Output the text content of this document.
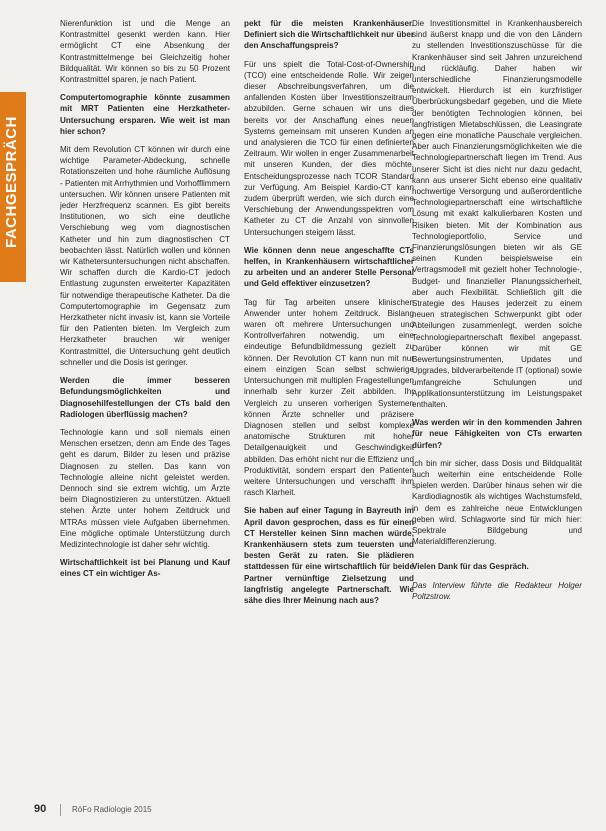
FACHGESPRÄCH

Nierenfunktion ist und die Menge an Kontrastmittel gesenkt werden kann. Hier ermöglicht CT eine Absenkung der Kontrastmittelmenge bei Gleichzeitig hoher Bildqualität. Wir können so bis zu 50 Prozent Kontrastmittel sparen, je nach Patient.

Computertomographie könnte zusammen mit MRT Patienten eine Herzkatheter-Untersuchung ersparen. Wie weit ist man hier schon?

Mit dem Revolution CT können wir durch eine wichtige Parameter-Abdeckung, schnelle Rotationszeiten und hohe räumliche Auflösung - Patienten mit Arrhythmien und Vorhofflimmern untersuchen. Wir können unsere Patienten mit jeder Herzfrequenz scannen. Es gibt bereits Institutionen, wo sich eine deutliche Verschiebung weg vom diagnostischen Katheter und hin zum diagnostischen CT beobachten lässt. Natürlich wollen und können wir Kathetersuntersuchungen nicht abschaffen. Wir schaffen durch die Kardio-CT jedoch Entlastung zugunsten erweiterter Kapazitäten für notwendige therapeutische Katheter. Da die Computertomographie im Gegensatz zum Herzkatheter nicht invasiv ist, kann sie Vorteile für den Patienten bieten. Im Vergleich zum Herzkatheter brauchen wir weniger Kontrastmittel, die Untersuchung geht deutlich schneller und die Dosis ist geringer.

Werden die immer besseren Befundungsmöglichkeiten und Diagnosehilfestellungen der CTs bald den Radiologen überflüssig machen?

Technologie kann und soll niemals einen Menschen ersetzen, denn am Ende des Tages geht es darum, Bilder zu lesen und präzise Diagnosen zu stellen. Das kann von Technologie alleine nicht geleistet werden. Dennoch sind sie extrem wichtig, um Ärzte beim Diagnostizieren zu unterstützen. Aktuell stehen Ärzte unter hohem Zeitdruck und MTRAs müssen viele Aufgaben übernehmen. Eine mögliche optimale Unterstützung durch Medizintechnologie ist daher sehr wichtig.

Wirtschaftlichkeit ist bei Planung und Kauf eines CT ein wichtiger As-

pekt für die meisten Krankenhäuser. Definiert sich die Wirtschaftlichkeit nur über den Anschaffungspreis?

Für uns spielt die Total-Cost-of-Ownership (TCO) eine entscheidende Rolle. Wir zeigen dieser Abschreibungsverfahren, um die anfallenden Kosten über Investitionszeitraum abzubilden. Gerne schauen wir uns dies bereits vor der Anschaffung eines neuen Systems gemeinsam mit unseren Kunden an und analysieren die TCO für einen definierten Zeitraum. Wir wollen in enger Zusammenarbeit mit unseren Kunden, der dies möchte, Entscheidungsprozesse nach TCOR Standard zur Verfügung. Am Beispiel Kardio-CT kann zudem überprüft werden, wie sich durch eine Verschiebung der Anwendungsspektren vom Katheter zu CT die Anzahl von sinnvollen Untersuchungen steigern lässt.

Wie können denn neue angeschaffte CTs helfen, in Krankenhäusern wirtschaftlicher zu arbeiten und an anderer Stelle Personal und Geld effektiver einzusetzen?

Tag für Tag arbeiten unsere klinischen Anwender unter hohem Zeitdruck. Bislang waren oft mehrere Untersuchungen und Kontrollverfahren notwendig, um eine eindeutige Befundbildmessung gezielt zu können. Der Revolution CT kann nun mit nur einem einzigen Scan selbst schwierige Untersuchungen mit multiplen Fragestellungen innerhalb sehr kurzer Zeit abbilden. Ihr Vergleich zu unseren vorherigen Systemen können Ärzte schneller und präzisere Diagnosen stellen und selbst komplexe anatomische Strukturen mit hoher Detailgenauigkeit und Geschwindigkeit abbilden. Das erhöht nicht nur die Effizienz und Produktivität, sondern erspart den Patienten weitere Untersuchungen und verschafft ihm rasch Klarheit.

Sie haben auf einer Tagung in Bayreuth im April davon gesprochen, dass es für einen CT Hersteller keinen Sinn machen würde, Krankenhäusern stets zum teuersten und besten Gerät zu raten. Sie plädieren stattdessen für eine wirtschaftlich für beide Partner vernünftige Zielsetzung und langfristig angelegte Partnerschaft. Wie sähe dies Ihrer Meinung nach aus?

Die Investitionsmittel in Krankenhausbereich sind äußerst knapp und die von den Ländern zu stellenden Investitionszuschüsse für die Krankenhäuser sind seit Jahren unzureichend und rückläufig. Daher haben wir unterschiedliche Finanzierungsmodelle entwickelt. Hierdurch ist ein kurzfristiger Überbrückungsbedarf gegeben, und die Miete der benötigten Technologien können, bei langfristigen Mietabschlüssen, die Leasingrate gegen eine monatliche Pauschale vergleichen. Aber auch Finanzierungsmöglichkeiten wie die Technologiepartnerschaft liegen im Trend. Aus unserer Sicht ist dies nicht nur dazu gedacht, kann aus unserer Sicht ebenso eine qualitativ hochwertige Versorgung und außerordentliche Technologiepartnerschaft eine wirtschaftliche Lösung mit exakt kalkulierbaren Kosten und Risiken bieten. Mit der Kombination aus Technologieportfolio, Service und Finanzierungslösungen bieten wir als GE seinen Kunden beispielsweise ein Vertragsmodell mit gezielt hoher Technologie-, Budget- und finanzieller Planungssicherheit, aber auch Flexibilität. Schließlich gilt die Strategie des Hauses jederzeit zu einem neuen strategischen Schwerpunkt gibt oder Abteilungen zusammenlegt, werden solche Technologiepartnerschaft flexibel angepasst. Darüber können wir mit GE Bewertungsinstrumenten, Updates und Upgrades, bildverarbeitende IT (optional) sowie umfangreiche Schulungen und Applikationsunterstützung im Leistungspaket enthalten.

Was werden wir in den kommenden Jahren für neue Fähigkeiten von CTs erwarten dürfen?

Ich bin mir sicher, dass Dosis und Bildqualität auch weiterhin eine entscheidende Rolle spielen werden. Darüber hinaus sehen wir die Kardiodiagnostik als wichtiges Wachstumsfeld, in dem es zahlreiche neue Entwicklungen geben wird. Schlagworte sind für mich hier: Spektrale Bildgebung und Materialdifferenzierung.

Vielen Dank für das Gespräch.

Das Interview führte die Redakteur Holger Poltzstrow.

90	RöFo Radiologie 2015
